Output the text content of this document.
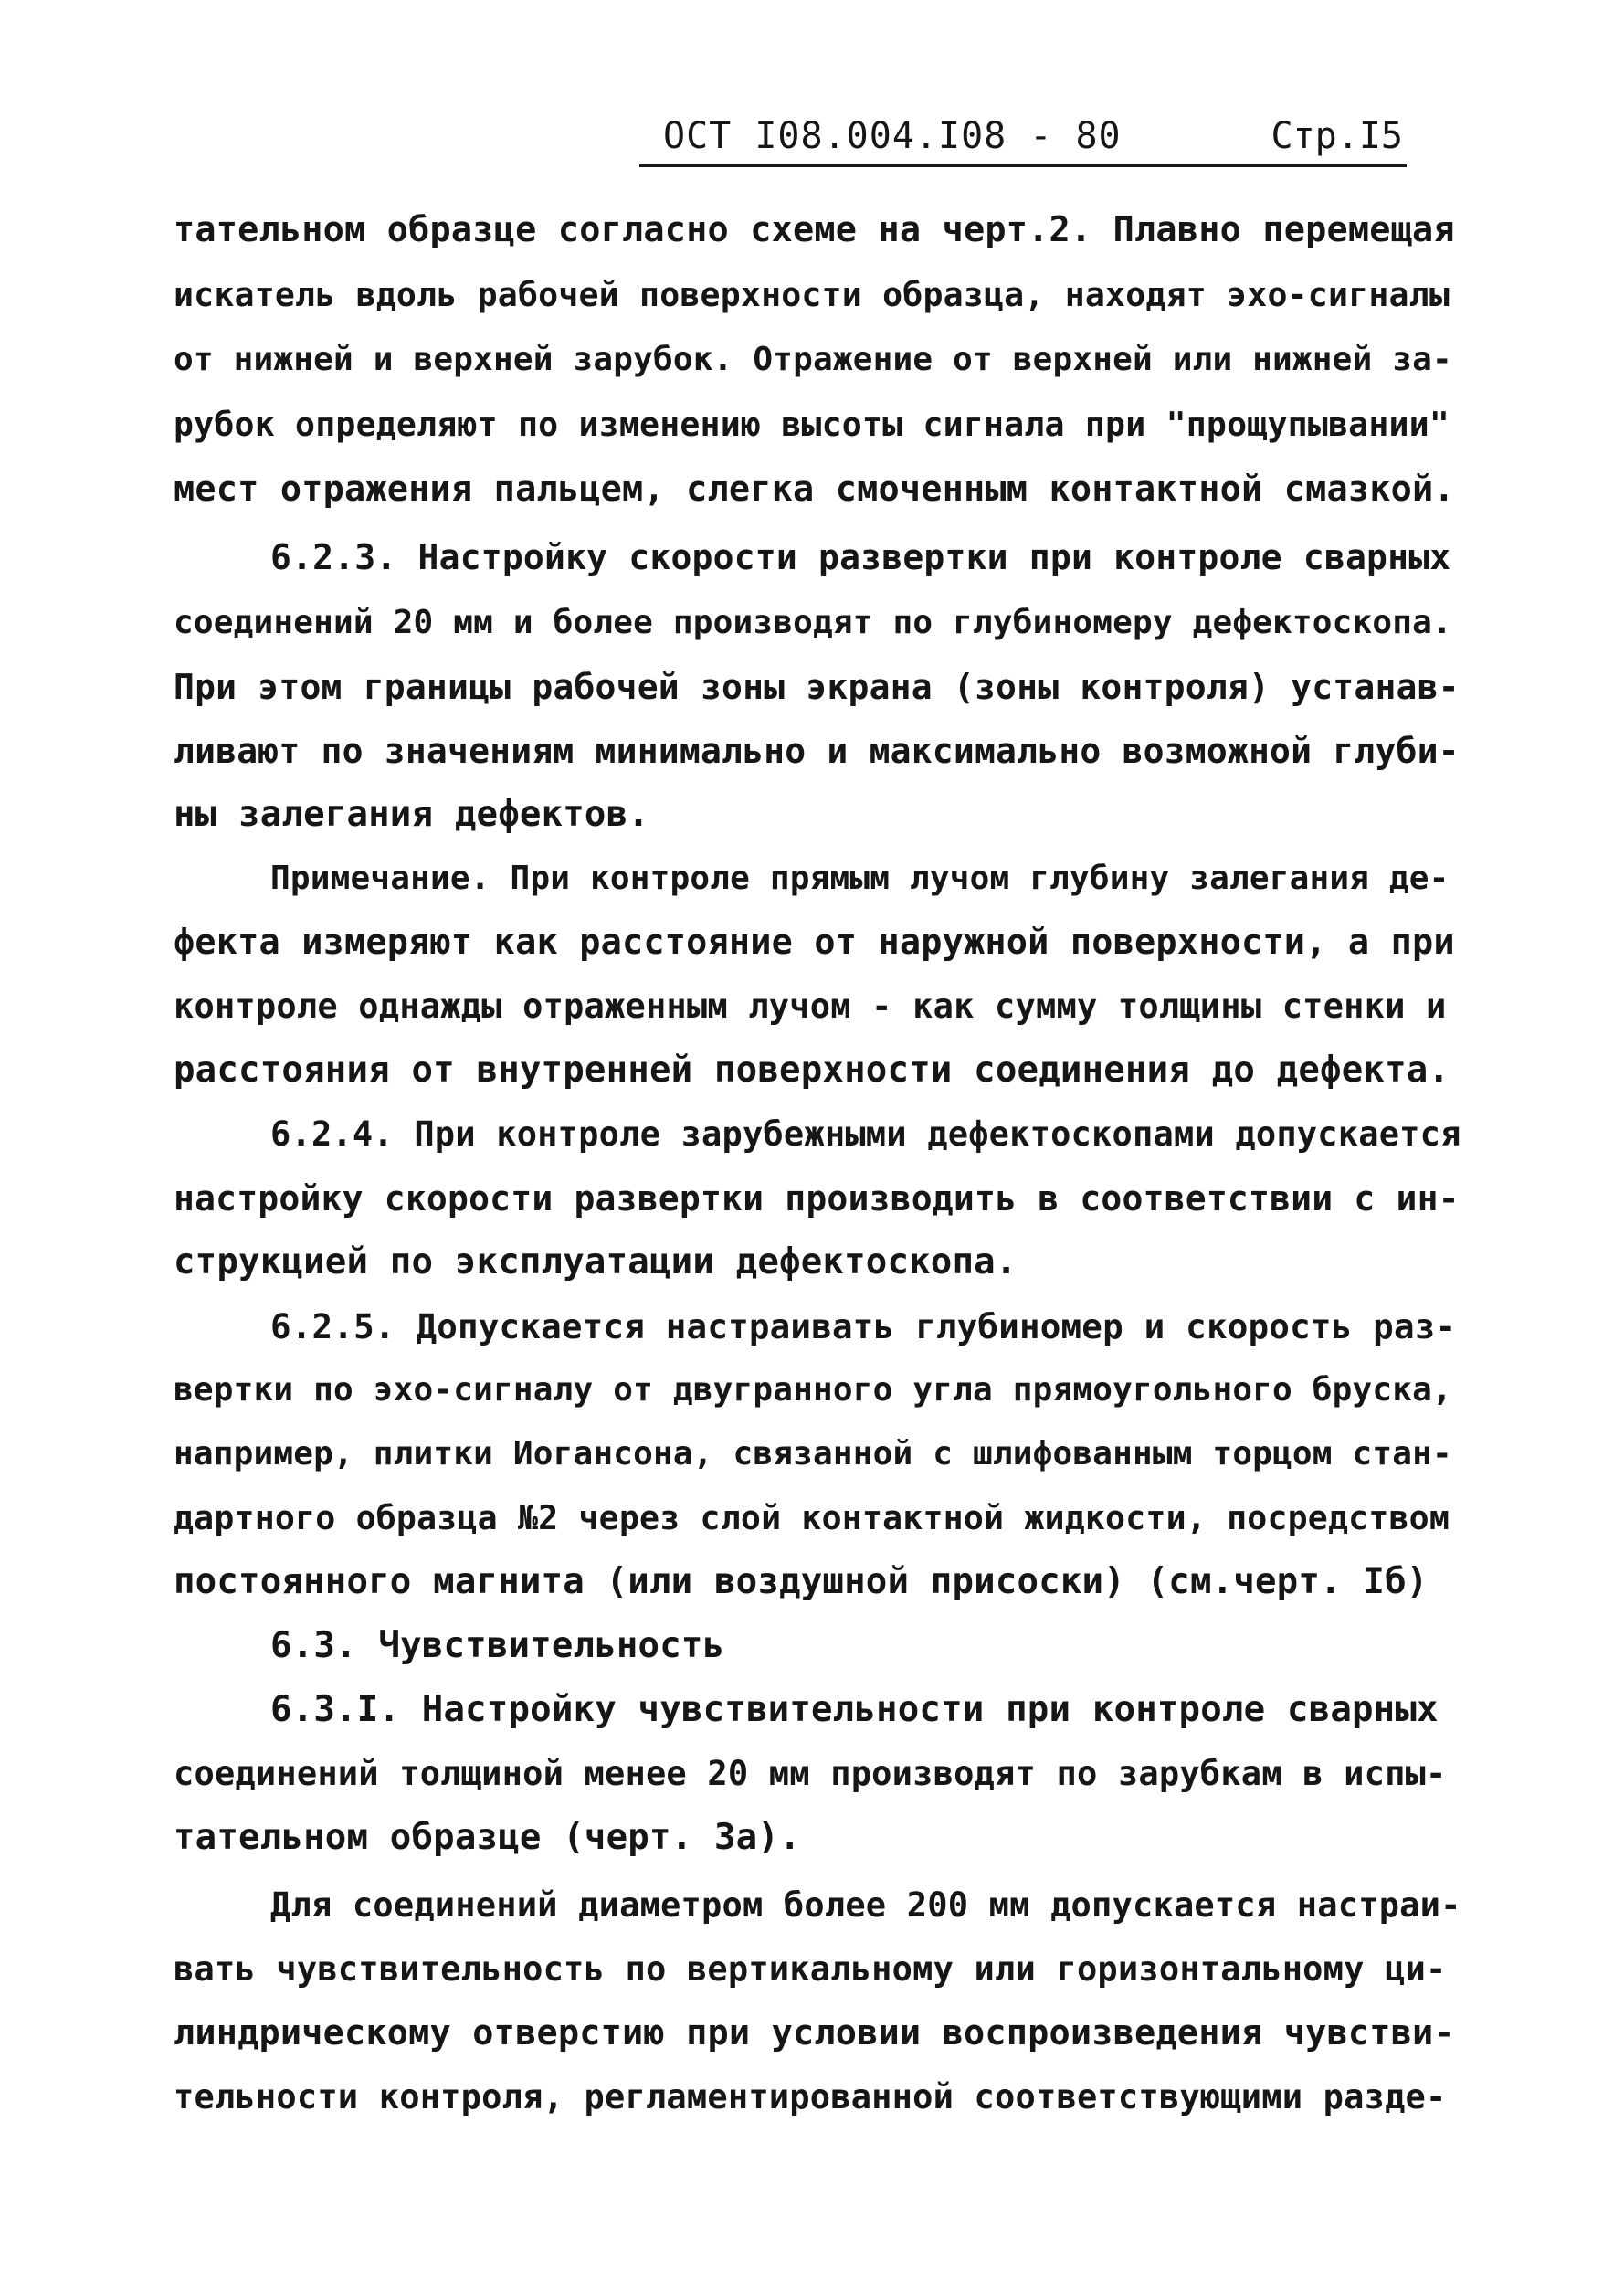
ОСТ I08.004.I08 - 80	Стр.I5
тательном образце согласно схеме на черт.2. Плавно перемещая
искатель вдоль рабочей поверхности образца, находят эхо-сигналы
от нижней и верхней зарубок. Отражение от верхней или нижней за-
рубок определяют по изменению высоты сигнала при "прощупывании"
мест отражения пальцем, слегка смоченным контактной смазкой.
6.2.3. Настройку скорости развертки при контроле сварных
соединений 20 мм и более производят по глубиномеру дефектоскопа.
При этом границы рабочей зоны экрана (зоны контроля) устанав-
ливают по значениям минимально и максимально возможной глуби-
ны залегания дефектов.
Примечание. При контроле прямым лучом глубину залегания де-
фекта измеряют как расстояние от наружной поверхности, а при
контроле однажды отраженным лучом - как сумму толщины стенки и
расстояния от внутренней поверхности соединения до дефекта.
6.2.4. При контроле зарубежными дефектоскопами допускается
настройку скорости развертки производить в соответствии с ин-
струкцией по эксплуатации дефектоскопа.
6.2.5. Допускается настраивать глубиномер и скорость раз-
вертки по эхо-сигналу от двугранного угла прямоугольного бруска,
например, плитки Иогансона, связанной с шлифованным торцом стан-
дартного образца №2 через слой контактной жидкости, посредством
постоянного магнита (или воздушной присоски) (см.черт. Iб)
6.3. Чувствительность
6.3.I. Настройку чувствительности при контроле сварных
соединений толщиной менее 20 мм производят по зарубкам в испы-
тательном образце (черт. 3а).
Для соединений диаметром более 200 мм допускается настраи-
вать чувствительность по вертикальному или горизонтальному ци-
линдрическому отверстию при условии воспроизведения чувстви-
тельности контроля, регламентированной соответствующими разде-
